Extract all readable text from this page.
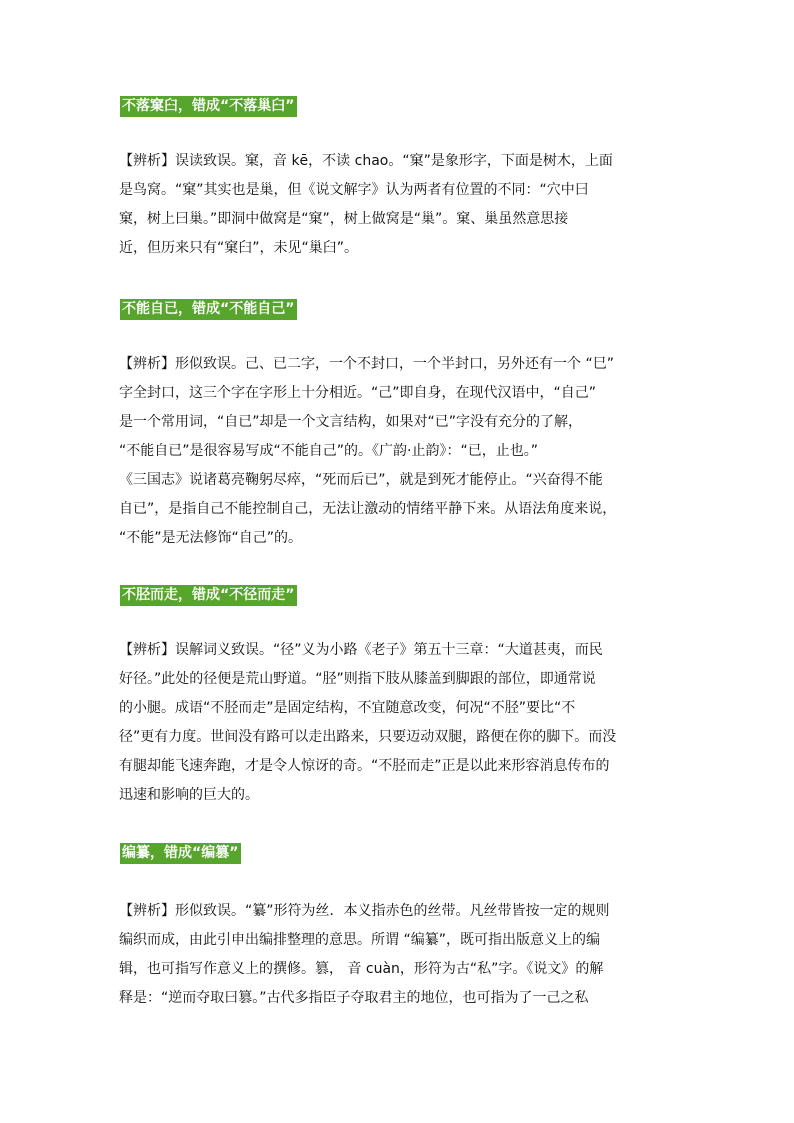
不落窠臼，错成“不落巢臼”
【辨析】误读致误。窠，音 kē，不读 chao。“窠”是象形字，下面是树木，上面
是鸟窝。“窠”其实也是巢，但《说文解字》认为两者有位置的不同：“穴中曰
窠，树上曰巢。”即洞中做窝是“窠”，树上做窝是“巢”。窠、巢虽然意思接
近，但历来只有“窠臼”，未见“巢臼”。
不能自已，错成“不能自己”
【辨析】形似致误。己、已二字，一个不封口，一个半封口，另外还有一个 “巳”
字全封口，这三个字在字形上十分相近。“己”即自身，在现代汉语中，“自己”
是一个常用词，“自已”却是一个文言结构，如果对“已”字没有充分的了解，
“不能自已”是很容易写成“不能自己”的。《广韵·止韵》：“已，止也。”
《三国志》说诸葛亮鞠躬尽瘁，“死而后已”，就是到死才能停止。“兴奋得不能
自已”，是指自己不能控制自己，无法让激动的情绪平静下来。从语法角度来说，
“不能”是无法修饰“自己”的。
不胫而走，错成“不径而走”
【辨析】误解词义致误。“径”义为小路《老子》第五十三章：“大道甚夷，而民
好径。”此处的径便是荒山野道。“胫”则指下肢从膝盖到脚跟的部位，即通常说
的小腿。成语“不胫而走”是固定结构，不宜随意改变，何况“不胫”要比“不
径”更有力度。世间没有路可以走出路来，只要迈动双腿，路便在你的脚下。而没
有腿却能飞速奔跑，才是令人惊讶的奇。“不胫而走”正是以此来形容消息传布的
迅速和影响的巨大的。
编纂，错成“编篡”
【辨析】形似致误。“纂”形符为丝．本义指赤色的丝带。凡丝带皆按一定的规则
编织而成，由此引申出编排整理的意思。所谓 “编纂”，既可指出版意义上的编
辑，也可指写作意义上的撰修。篡， 音 cuàn，形符为古“私”字。《说文》的解
释是：“逆而夺取曰篡。”古代多指臣子夺取君主的地位，也可指为了一己之私
